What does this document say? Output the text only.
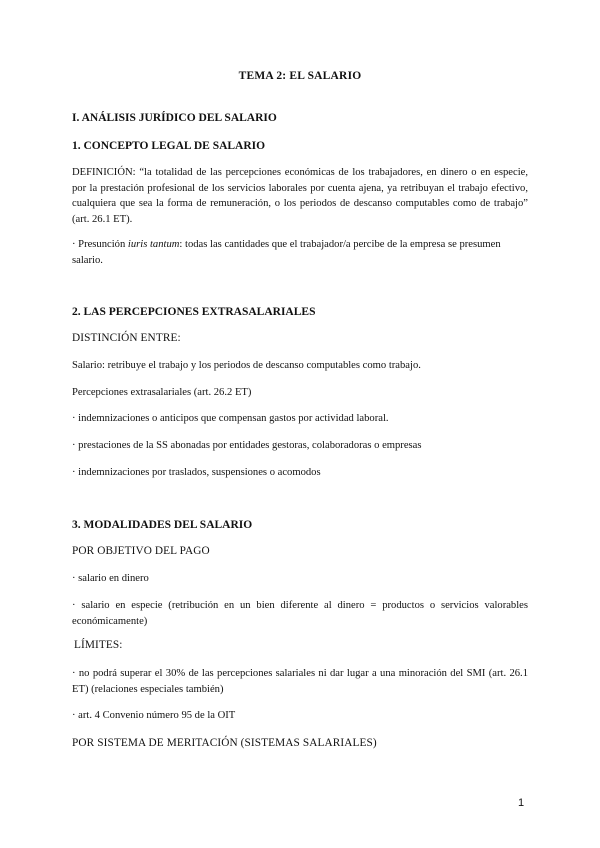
TEMA 2: EL SALARIO
I. ANÁLISIS JURÍDICO DEL SALARIO
1. CONCEPTO LEGAL DE SALARIO
DEFINICIÓN: “la totalidad de las percepciones económicas de los trabajadores, en dinero o en especie, por la prestación profesional de los servicios laborales por cuenta ajena, ya retribuyan el trabajo efectivo, cualquiera que sea la forma de remuneración, o los periodos de descanso computables como de trabajo” (art. 26.1 ET).
· Presunción iuris tantum: todas las cantidades que el trabajador/a percibe de la empresa se presumen salario.
2. LAS PERCEPCIONES EXTRASALARIALES
DISTINCIÓN ENTRE:
Salario: retribuye el trabajo y los periodos de descanso computables como trabajo.
Percepciones extrasalariales (art. 26.2 ET)
· indemnizaciones o anticipos que compensan gastos por actividad laboral.
· prestaciones de la SS abonadas por entidades gestoras, colaboradoras o empresas
· indemnizaciones por traslados, suspensiones o acomodos
3. MODALIDADES DEL SALARIO
POR OBJETIVO DEL PAGO
· salario en dinero
· salario en especie (retribución en un bien diferente al dinero = productos o servicios valorables económicamente)
LÍMITES:
· no podrá superar el 30% de las percepciones salariales ni dar lugar a una minoración del SMI (art. 26.1 ET) (relaciones especiales también)
· art. 4 Convenio número 95 de la OIT
POR SISTEMA DE MERITACIÓN (SISTEMAS SALARIALES)
1
